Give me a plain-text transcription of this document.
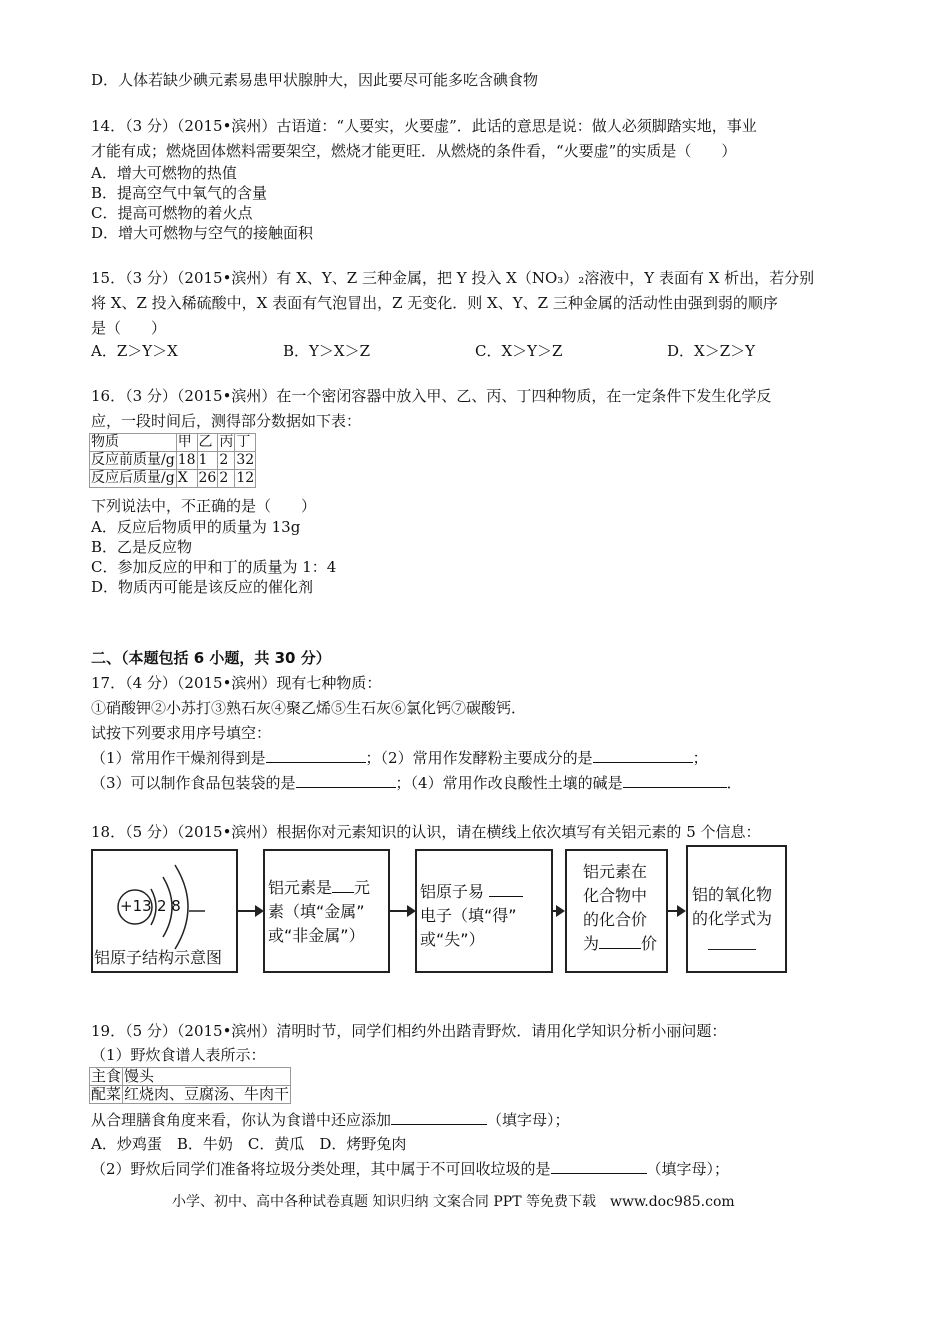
D．人体若缺少碘元素易患甲状腺肿大，因此要尽可能多吃含碘食物
14．（3 分）（2015•滨州）古语道：“人要实，火要虚”．此话的意思是说：做人必须脚踏实地，事业
才能有成；燃烧固体燃料需要架空，燃烧才能更旺．从燃烧的条件看，“火要虚”的实质是（　　）
A．增大可燃物的热值
B．提高空气中氧气的含量
C．提高可燃物的着火点
D．增大可燃物与空气的接触面积
15．（3 分）（2015•滨州）有 X、Y、Z 三种金属，把 Y 投入 X（NO₃）₂溶液中，Y 表面有 X 析出，若分别
将 X、Z 投入稀硫酸中，X 表面有气泡冒出，Z 无变化．则 X、Y、Z 三种金属的活动性由强到弱的顺序
是（　　）
A．Z＞Y＞X	B．Y＞X＞Z	C．X＞Y＞Z	D．X＞Z＞Y
16．（3 分）（2015•滨州）在一个密闭容器中放入甲、乙、丙、丁四种物质，在一定条件下发生化学反
应，一段时间后，测得部分数据如下表：
物质	甲	乙	丙	丁
反应前质量/g	18	1	2	32
反应后质量/g	X	26	2	12
下列说法中，不正确的是（　　）
A．反应后物质甲的质量为 13g
B．乙是反应物
C．参加反应的甲和丁的质量为 1：4
D．物质丙可能是该反应的催化剂
二、（本题包括 6 小题，共 30 分）
17．（4 分）（2015•滨州）现有七种物质：
①硝酸钾②小苏打③熟石灰④聚乙烯⑤生石灰⑥氯化钙⑦碳酸钙．
试按下列要求用序号填空：
（1）常用作干燥剂得到是	；（2）常用作发酵粉主要成分的是	；
（3）可以制作食品包装袋的是	；（4）常用作改良酸性土壤的碱是	．
18．（5 分）（2015•滨州）根据你对元素知识的认识，请在横线上依次填写有关铝元素的 5 个信息：
+13 2 8
铝原子结构示意图
铝元素是 元
素（填“金属”
或“非金属”）
铝原子易
电子（填“得”
或“失”）
铝元素在
化合物中
的化合价
为	价
铝的氧化物
的化学式为
19．（5 分）（2015•滨州）清明时节，同学们相约外出踏青野炊．请用化学知识分析小丽问题：
（1）野炊食谱人表所示：
主食	馒头
配菜	红烧肉、豆腐汤、牛肉干
从合理膳食角度来看，你认为食谱中还应添加	（填字母）；
A．炒鸡蛋　B．牛奶　C．黄瓜　D．烤野兔肉
（2）野炊后同学们准备将垃圾分类处理，其中属于不可回收垃圾的是	（填字母）；
小学、初中、高中各种试卷真题 知识归纳 文案合同 PPT 等免费下载　www.doc985.com
